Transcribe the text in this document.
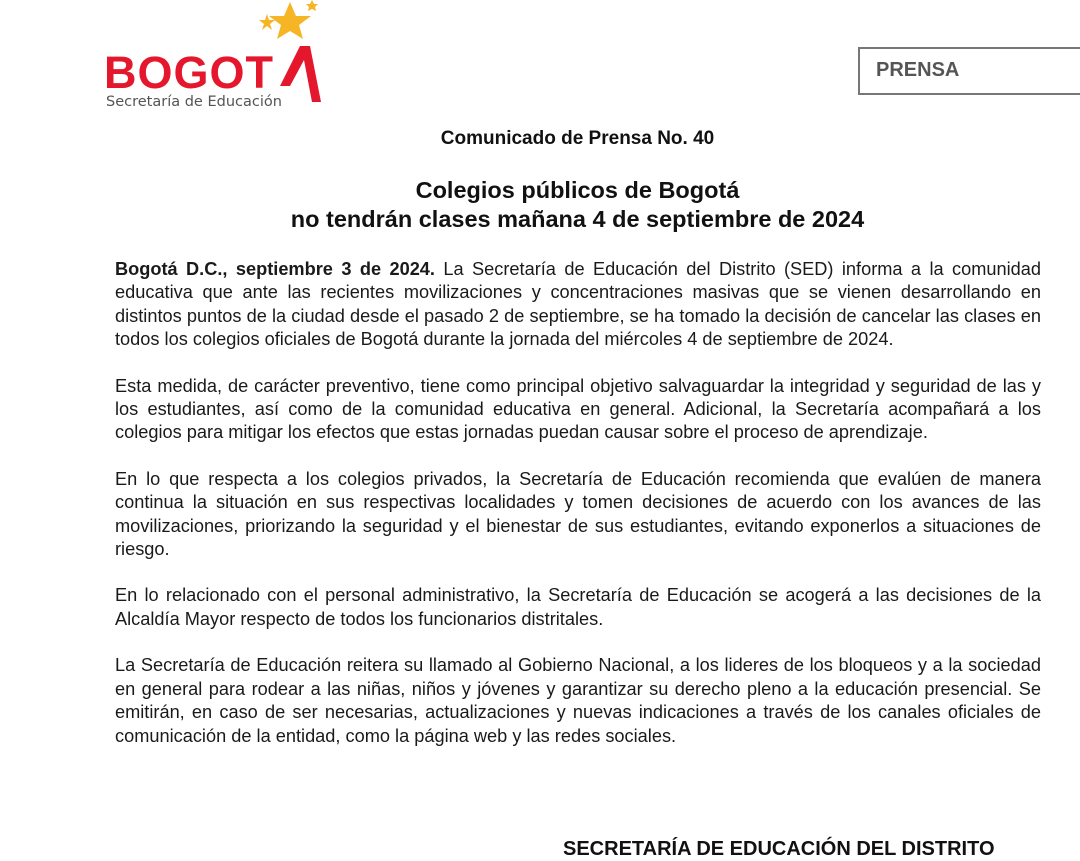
BOGOT
Secretaría de Educación
PRENSA
Comunicado de Prensa No. 40
Colegios públicos de Bogotá
no tendrán clases mañana 4 de septiembre de 2024

Bogotá D.C., septiembre 3 de 2024. La Secretaría de Educación del Distrito (SED) informa a la comunidad educativa que ante las recientes movilizaciones y concentraciones masivas que se vienen desarrollando en distintos puntos de la ciudad desde el pasado 2 de septiembre, se ha tomado la decisión de cancelar las clases en todos los colegios oficiales de Bogotá durante la jornada del miércoles 4 de septiembre de 2024.

Esta medida, de carácter preventivo, tiene como principal objetivo salvaguardar la integridad y seguridad de las y los estudiantes, así como de la comunidad educativa en general. Adicional, la Secretaría acompañará a los colegios para mitigar los efectos que estas jornadas puedan causar sobre el proceso de aprendizaje.

En lo que respecta a los colegios privados, la Secretaría de Educación recomienda que evalúen de manera continua la situación en sus respectivas localidades y tomen decisiones de acuerdo con los avances de las movilizaciones, priorizando la seguridad y el bienestar de sus estudiantes, evitando exponerlos a situaciones de riesgo.

En lo relacionado con el personal administrativo, la Secretaría de Educación se acogerá a las decisiones de la Alcaldía Mayor respecto de todos los funcionarios distritales.

La Secretaría de Educación reitera su llamado al Gobierno Nacional, a los lideres de los bloqueos y a la sociedad en general para rodear a las niñas, niños y jóvenes y garantizar su derecho pleno a la educación presencial. Se emitirán, en caso de ser necesarias, actualizaciones y nuevas indicaciones a través de los canales oficiales de comunicación de la entidad, como la página web y las redes sociales.

SECRETARÍA DE EDUCACIÓN DEL DISTRITO
